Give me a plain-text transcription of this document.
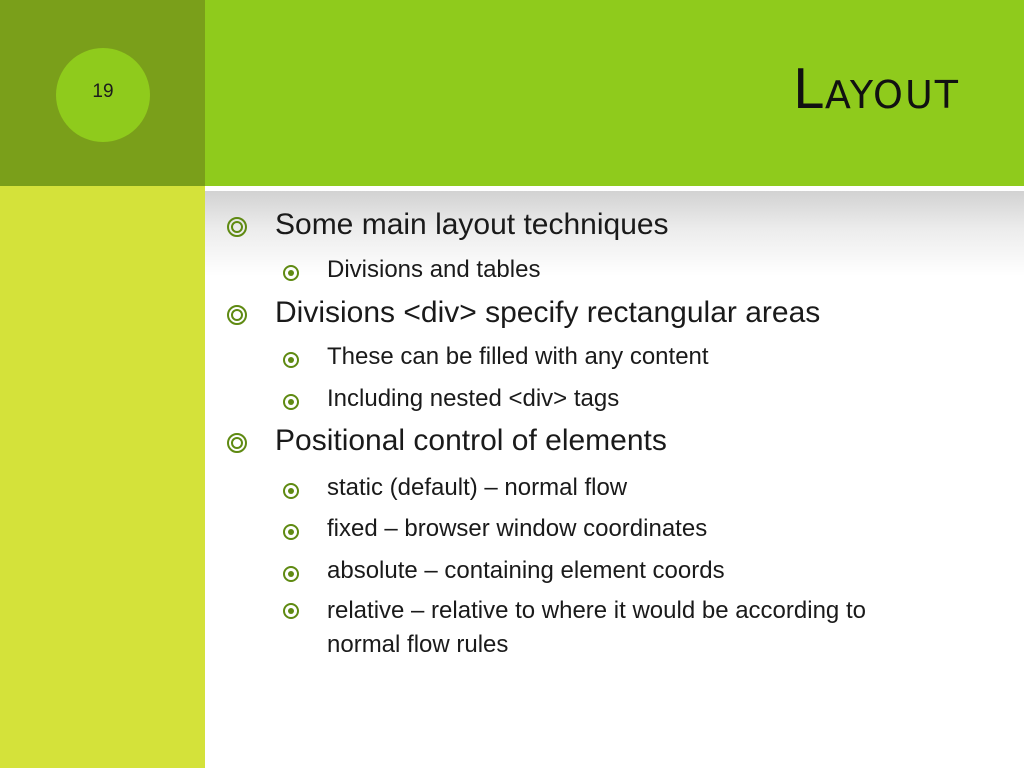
19	Layout
Some main layout techniques
Divisions and tables
Divisions <div> specify rectangular areas
These can be filled with any content
Including nested <div> tags
Positional control of elements
static (default) – normal flow
fixed – browser window coordinates
absolute – containing element coords
relative – relative to where it would be according to normal flow rules
